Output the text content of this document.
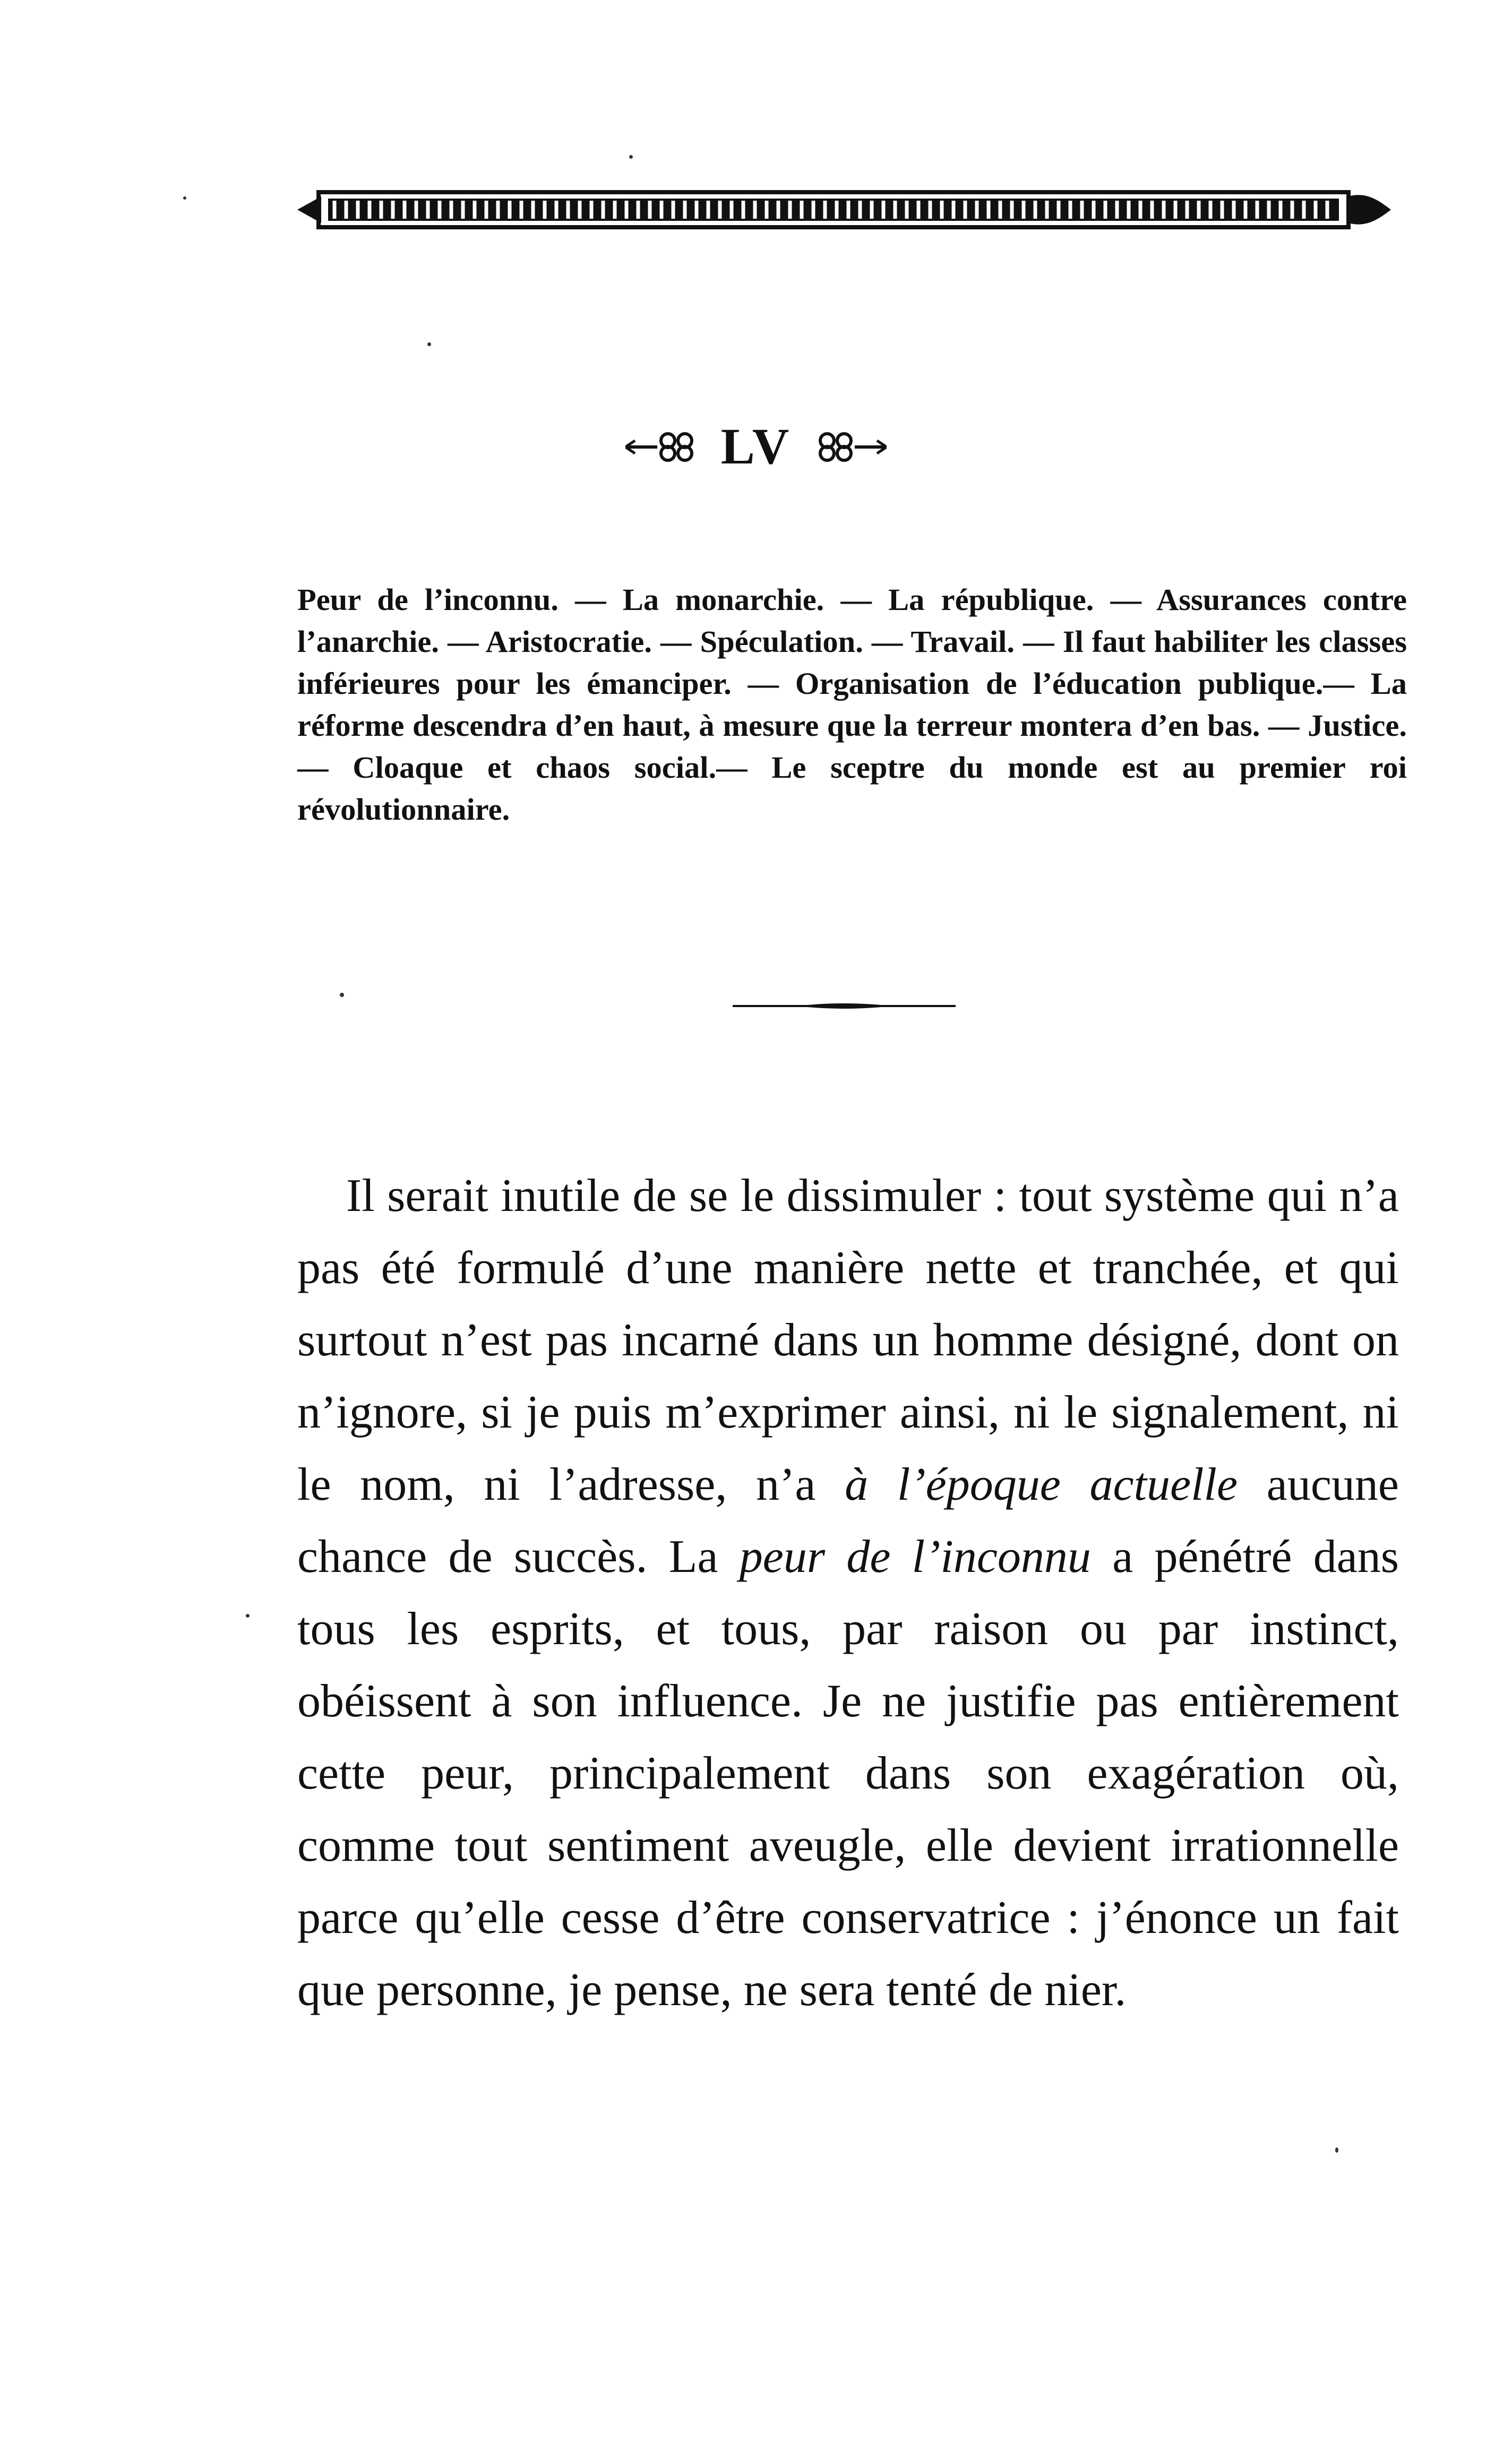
LV

Peur de l’inconnu. — La monarchie. — La république. — Assurances contre l’anarchie. — Aristocratie. — Spéculation. — Travail. — Il faut habiliter les classes inférieures pour les émanciper. — Organisation de l’éducation publique.— La réforme descendra d’en haut, à mesure que la terreur montera d’en bas. — Justice. — Cloaque et chaos social.— Le sceptre du monde est au premier roi révolutionnaire.

Il serait inutile de se le dissimuler : tout système qui n’a pas été formulé d’une manière nette et tranchée, et qui surtout n’est pas incarné dans un homme désigné, dont on n’ignore, si je puis m’exprimer ainsi, ni le signalement, ni le nom, ni l’adresse, n’a à l’époque actuelle aucune chance de succès. La peur de l’inconnu a pénétré dans tous les esprits, et tous, par raison ou par instinct, obéissent à son influence. Je ne justifie pas entièrement cette peur, principalement dans son exagération où, comme tout sentiment aveugle, elle devient irrationnelle parce qu’elle cesse d’être conservatrice : j’énonce un fait que personne, je pense, ne sera tenté de nier.
